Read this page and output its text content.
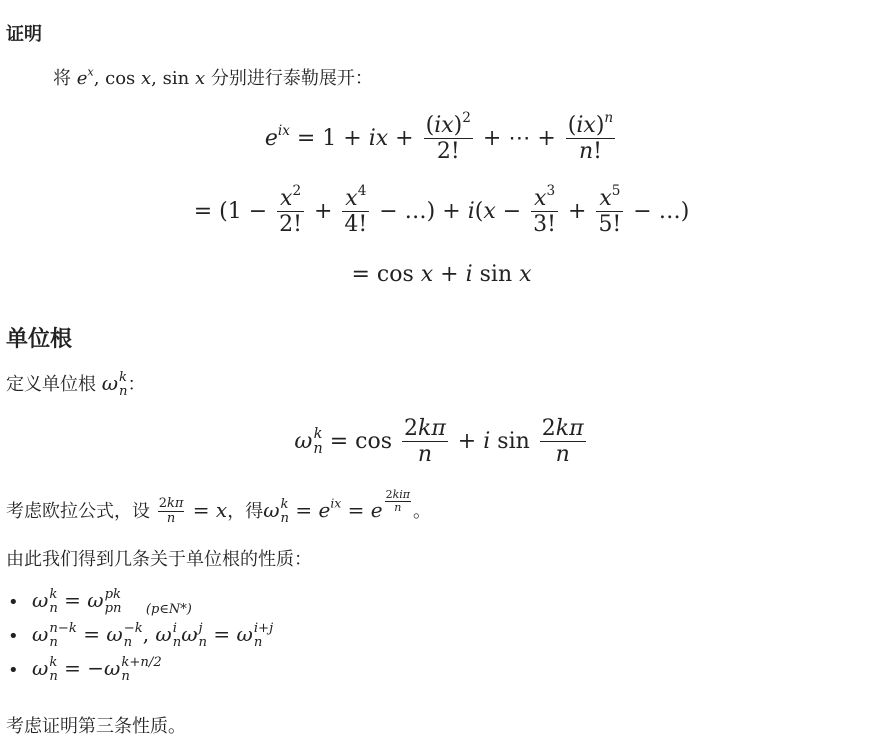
证明
将 $e^x$, cos x, sin x 分别进行泰勒展开：
$e^{ix} = 1$ + ix + $\frac{(ix)^2}{2!}$ + ⋯ + $\frac{(ix)^n}{n!}$
= ($1 - \frac{x^2}{2!} + \frac{x^4}{4!}$ − …) + $i(x - \frac{x^3}{3!} + \frac{x^5}{5!}$ − …)
= cos x + i sin x
单位根
定义单位根 ω k
n ：
ω k
$n = \cos \frac{2k\pi}{n} + i$ $\sin \frac{2k\pi}{n}$
考虑欧拉公式，设 $\frac{2k\pi}{n} = x$，得ω k
$n = e^{ix} = e \frac{\text{2kiπ}}{n}$ 。
由此我们得到几条关于单位根的性质：
• ω k
n = ω pk
pn $_{(p\in N*)}$
• ω n−k
n = ω −k
n , ω i
n ω j
n = ω i+j
n
• ω k
n = −ω k+n/2
n
考虑证明第三条性质。
